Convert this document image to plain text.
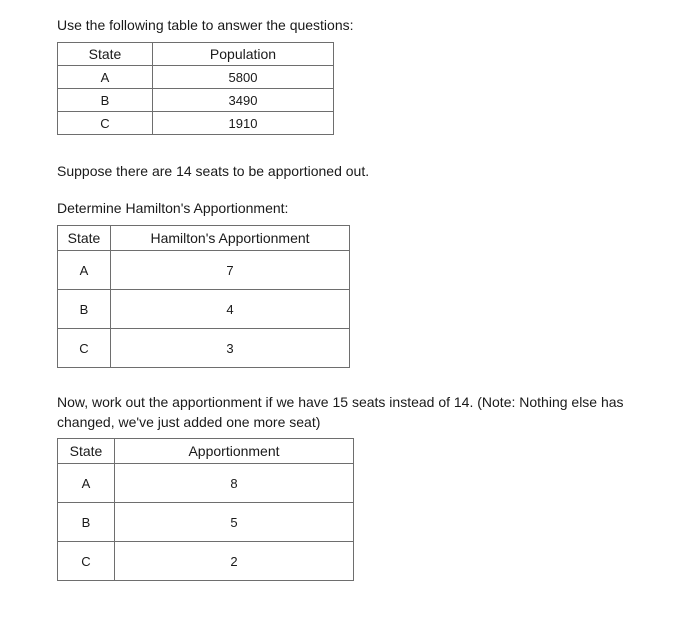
Use the following table to answer the questions:
State	Population
A	5800
B	3490
C	1910
Suppose there are 14 seats to be apportioned out.
Determine Hamilton's Apportionment:
State	Hamilton's Apportionment
A	7
B	4
C	3
Now, work out the apportionment if we have 15 seats instead of 14. (Note: Nothing else has changed, we've just added one more seat)
State	Apportionment
A	8
B	5
C	2
